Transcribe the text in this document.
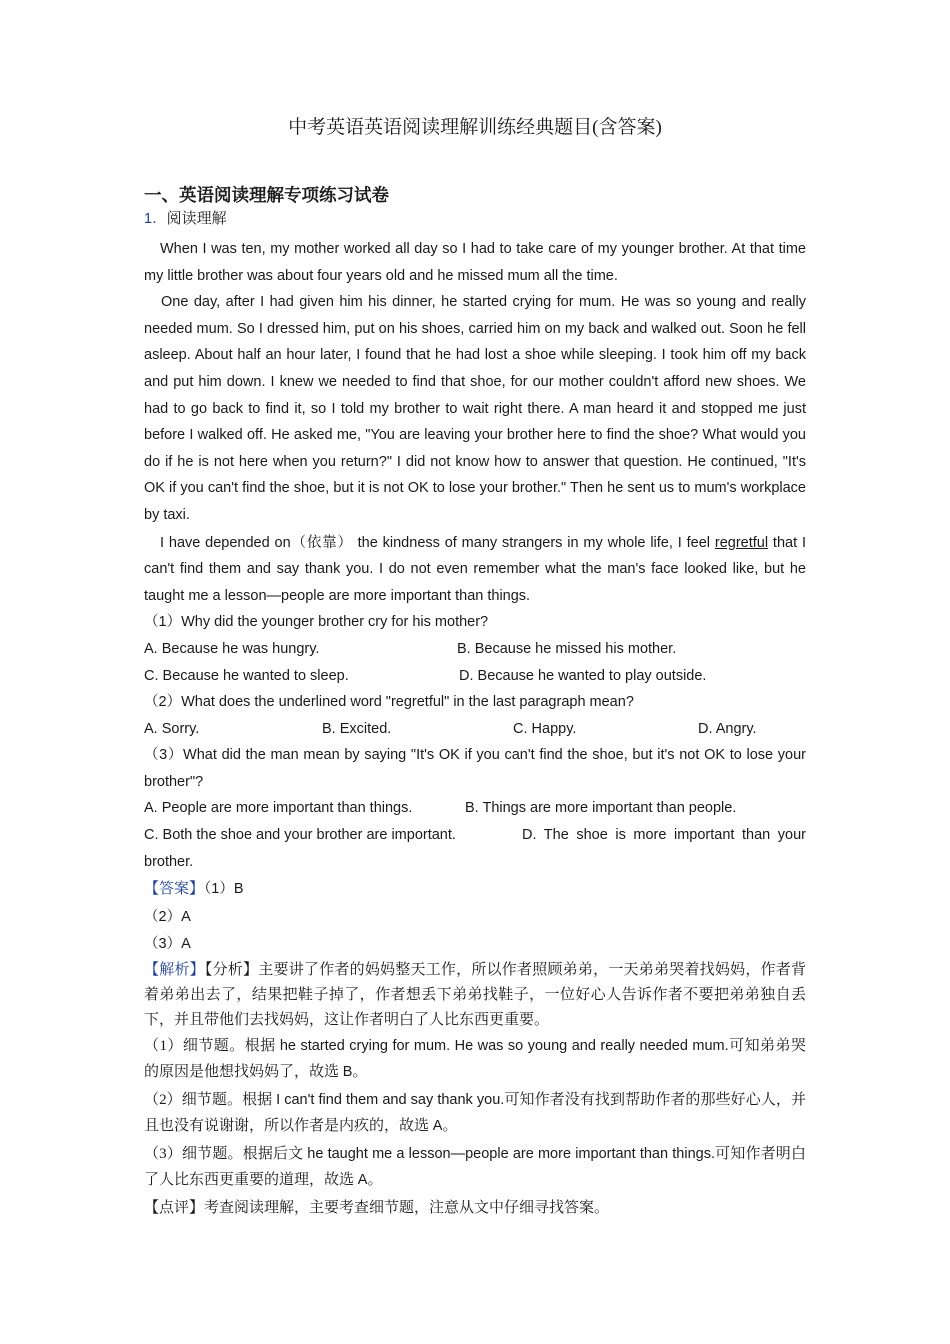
中考英语英语阅读理解训练经典题目(含答案)

一、英语阅读理解专项练习试卷

1．阅读理解

When I was ten, my mother worked all day so I had to take care of my younger brother. At that time my little brother was about four years old and he missed mum all the time.

One day, after I had given him his dinner, he started crying for mum. He was so young and really needed mum. So I dressed him, put on his shoes, carried him on my back and walked out. Soon he fell asleep. About half an hour later, I found that he had lost a shoe while sleeping. I took him off my back and put him down. I knew we needed to find that shoe, for our mother couldn't afford new shoes. We had to go back to find it, so I told my brother to wait right there. A man heard it and stopped me just before I walked off. He asked me, "You are leaving your brother here to find the shoe? What would you do if he is not here when you return?" I did not know how to answer that question. He continued, "It's OK if you can't find the shoe, but it is not OK to lose your brother." Then he sent us to mum's workplace by taxi.

I have depended on（依靠） the kindness of many strangers in my whole life, I feel regretful that I can't find them and say thank you. I do not even remember what the man's face looked like, but he taught me a lesson—people are more important than things.

（1）Why did the younger brother cry for his mother?

A. Because he was hungry.	B. Because he missed his mother.
C. Because he wanted to sleep.	D. Because he wanted to play outside.

（2）What does the underlined word "regretful" in the last paragraph mean?

A. Sorry.	B. Excited.	C. Happy.	D. Angry.

（3）What did the man mean by saying "It's OK if you can't find the shoe, but it's not OK to lose your brother"?

A. People are more important than things.	B. Things are more important than people.

C. Both the shoe and your brother are important.	D. The shoe is more important than your brother.

【答案】（1）B

（2）A

（3）A

【解析】【分析】主要讲了作者的妈妈整天工作，所以作者照顾弟弟，一天弟弟哭着找妈妈，作者背着弟弟出去了，结果把鞋子掉了，作者想丢下弟弟找鞋子，一位好心人告诉作者不要把弟弟独自丢下，并且带他们去找妈妈，这让作者明白了人比东西更重要。

（1）细节题。根据 he started crying for mum. He was so young and really needed mum.可知弟弟哭的原因是他想找妈妈了，故选 B。

（2）细节题。根据 I can't find them and say thank you.可知作者没有找到帮助作者的那些好心人，并且也没有说谢谢，所以作者是内疚的，故选 A。

（3）细节题。根据后文 he taught me a lesson—people are more important than things.可知作者明白了人比东西更重要的道理，故选 A。

【点评】考查阅读理解，主要考查细节题，注意从文中仔细寻找答案。
